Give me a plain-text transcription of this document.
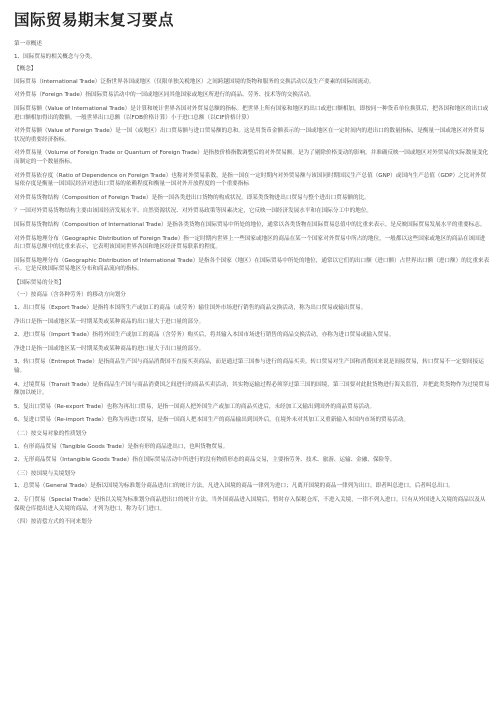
国际贸易期末复习要点
第一章概述
1、国际贸易的相关概念与分类。
【概念】
国际贸易（International Trade）泛指世界各国或地区（仅限单独关税地区）之间跨越国境的货物和服务的交换活动以及生产要素的国际间流动。
对外贸易（Foreign Trade）指国际贸易活动中的一国或地区同其他国家或地区所进行的商品、劳务、技术等的交换活动。
国际贸易额（Value of International Trade）是计算和统计世界各国对外贸易总额的指标。把世界上所有国家和地区的出口或进口额相加，即按同一种货币单位换算后，把各国和地区的出口或进口额相加得出的数额。一般世界出口总额（以FOB价格计算）小于进口总额（以CIF价格计算）
对外贸易额（Value of Foreign Trade）是一国（或地区）出口贸易额与进口贸易额的总和。这是用货币金额表示的一国或地区在一定时间内的进出口的数量指标，是衡量一国或地区对外贸易状况的重要经济指标。
对外贸易量（Volume of Foreign Trade or Quantum of Foreign Trade）是指按价格指数调整后的对外贸易额。是为了剔除价格变动的影响，并准确反映一国或地区对外贸易的实际数量变化而制定的一个数量指标。
对外贸易依存度（Ratio of Dependence on Foreign Trade）也称对外贸易系数，是指一国在一定时期内对外贸易额与该国同时期国民生产总值（GNP）或国内生产总值（GDP）之比对外贸易依存度是衡量一国国民经济对进出口贸易的依赖程度和衡量一国对外开放程度的一个重要指标
对外贸易货物结构（Composition of Foreign Trade）是指一国各类进出口货物的构成状况。即某类货物进出口贸易与整个进出口贸易额的比。
？一国对外贸易货物结构主要由该国经济发展水平、自然资源状况、对外贸易政策等因素决定，它反映一国经济发展水平和在国际分工中的地位。
国际贸易货物结构（Composition of International Trade）是指各类货物在国际贸易中所处的地位，通常以各类货物在国际贸易总值中的比重来表示。是反映国际贸易发展水平的重要标志。
对外贸易地理分布（Geographic Distribution of Foreign Trade）指一定时期内世界上一些国家或地区的商品在某一个国家对外贸易中所占的地位，一般都以这些国家或地区的商品在该国进出口贸易总额中的比重来表示，它表明该国同世界各国和地区经济贸易联系的程度。
国际贸易地理分布（Geographic Distribution of International Trade）是指各个国家（地区）在国际贸易中所处的地位，通常以它们的出口额（进口额）占世界出口额（进口额）的比重来表示。它是反映国际贸易地区分布和商品流向的指标。
【国际贸易的分类】
（一）按商品（含各种劳务）的移动方向划分
1、出口贸易（Export Trade）是指将本国所生产或加工的商品（或劳务）输往国外市场进行销售的商品交换活动，称为出口贸易或输出贸易。
净出口是指一国或地区某一时期某类或某种商品的出口量大于进口量的部分。
2、进口贸易（Import Trade）指将外国生产或加工的商品（含劳务）购买后，将其输入本国市场进行销售的商品交换活动，亦称为进口贸易或输入贸易。
净进口是指一国或地区某一时期某类或某种商品的进口量大于出口量的部分。
3、转口贸易（Entrepot Trade）是指商品生产国与商品消费国不直接买卖商品，而是通过第三国参与进行的商品买卖。转口贸易对生产国和消费国来说是间接贸易，转口贸易不一定要间接运输。
4、过境贸易（Transit Trade）是指商品生产国与商品消费国之间进行的商品买卖活动，其实物运输过程必须穿过第三国的国境，第三国要对此批货物进行海关监管，并把此类货物作为过境贸易额加以统计。
5、复出口贸易（Re-export Trade）也称为再出口贸易，是指一国商人把外国生产或加工的商品买进后，未经加工又输出到国外的商品贸易活动。
6、复进口贸易（Re-import Trade）也称为再进口贸易，是指一国商人把本国生产的商品输出到国外后，在境外未对其加工又重新输入本国内市场的贸易活动。
（二）按交易对象的性质划分
1、有形商品贸易（Tangible Goods Trade）是指有形的商品进出口，也叫货物贸易。
2、无形商品贸易（Intangible Goods Trade）指在国际贸易活动中所进行的没有物质形态的商品交易，主要指劳务、技术、旅游、运输、金融、保险等。
（三）按国境与关境划分
1、总贸易（General Trade）是指以国境为标准划分商品进出口的统计方法，凡进入国境的商品一律列为进口；凡离开国境的商品一律列为出口。即者叫总进口，后者叫总出口。
2、专门贸易（Special Trade）是指以关境为标准划分商品进出口的统计方法。当外国商品进入国境后，暂时存入保税仓库，不进入关境，一律不列入进口。只有从外国进入关境的商品以及从保税仓库提出进入关境的商品，才列为进口，称为专门进口。
（四）按清偿方式的不同来划分
